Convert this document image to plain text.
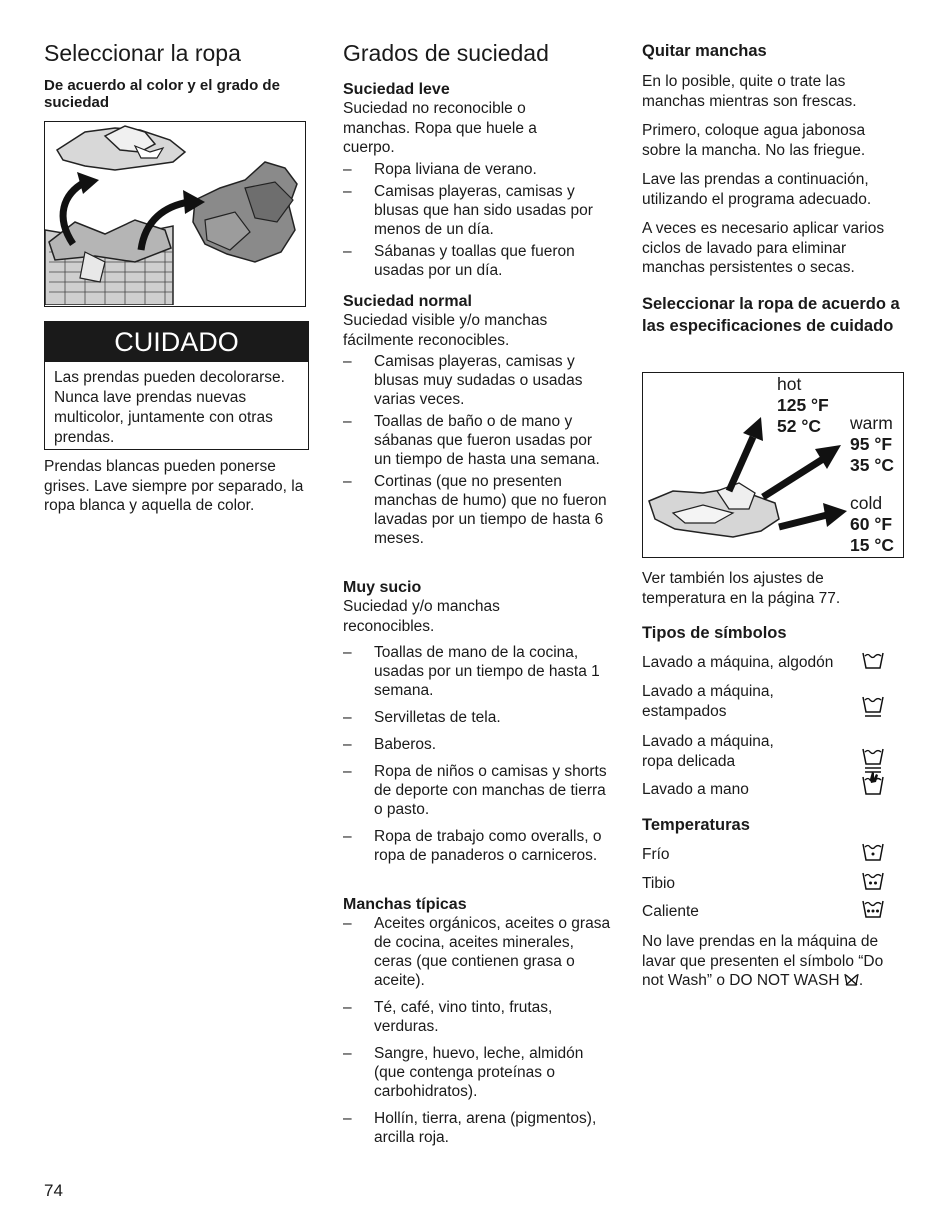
Seleccionar la ropa
De acuerdo al color y el grado de suciedad
CUIDADO
Las prendas pueden decolorarse. Nunca lave prendas nuevas multicolor, juntamente con otras prendas.

Prendas blancas pueden ponerse grises. Lave siempre por separado, la ropa blanca y aquella de color.

Grados de suciedad
Suciedad leve

Suciedad no reconocible o manchas. Ropa que huele a cuerpo.

– Ropa liviana de verano.
– Camisas playeras, camisas y blusas que han sido usadas por menos de un día.
– Sábanas y toallas que fueron usadas por un día.
Suciedad normal

Suciedad visible y/o manchas fácilmente reconocibles.

– Camisas playeras, camisas y blusas muy sudadas o usadas varias veces.
– Toallas de baño o de mano y sábanas que fueron usadas por un tiempo de hasta una semana.
– Cortinas (que no presenten manchas de humo) que no fueron lavadas por un tiempo de hasta 6 meses.
Muy sucio

Suciedad y/o manchas reconocibles.

– Toallas de mano de la cocina, usadas por un tiempo de hasta 1 semana.
– Servilletas de tela.
– Baberos.
– Ropa de niños o camisas y shorts de deporte con manchas de tierra o pasto.
– Ropa de trabajo como overalls, o ropa de panaderos o carniceros.
Manchas típicas
– Aceites orgánicos, aceites o grasa de cocina, aceites minerales, ceras (que contienen grasa o aceite).
– Té, café, vino tinto, frutas, verduras.
– Sangre, huevo, leche, almidón (que contenga proteínas o carbohidratos).
– Hollín, tierra, arena (pigmentos), arcilla roja.
Quitar manchas

En lo posible, quite o trate las manchas mientras son frescas.

Primero, coloque agua jabonosa sobre la mancha. No las friegue.

Lave las prendas a continuación, utilizando el programa adecuado.

A veces es necesario aplicar varios ciclos de lavado para eliminar manchas persistentes o secas.

Seleccionar la ropa de acuerdo a las especificaciones de cuidado
hot
125 °F
52 °C	warm
95 °F
35 °C
cold
60 °F
15 °C

Ver también los ajustes de temperatura en la página 77.

Tipos de símbolos
Lavado a máquina, algodón
Lavado a máquina, estampados
Lavado a máquina, ropa delicada
Lavado a mano
Temperaturas
Frío
Tibio
Caliente

No lave prendas en la máquina de lavar que presenten el símbolo “Do not Wash” o DO NOT WASH .

74
